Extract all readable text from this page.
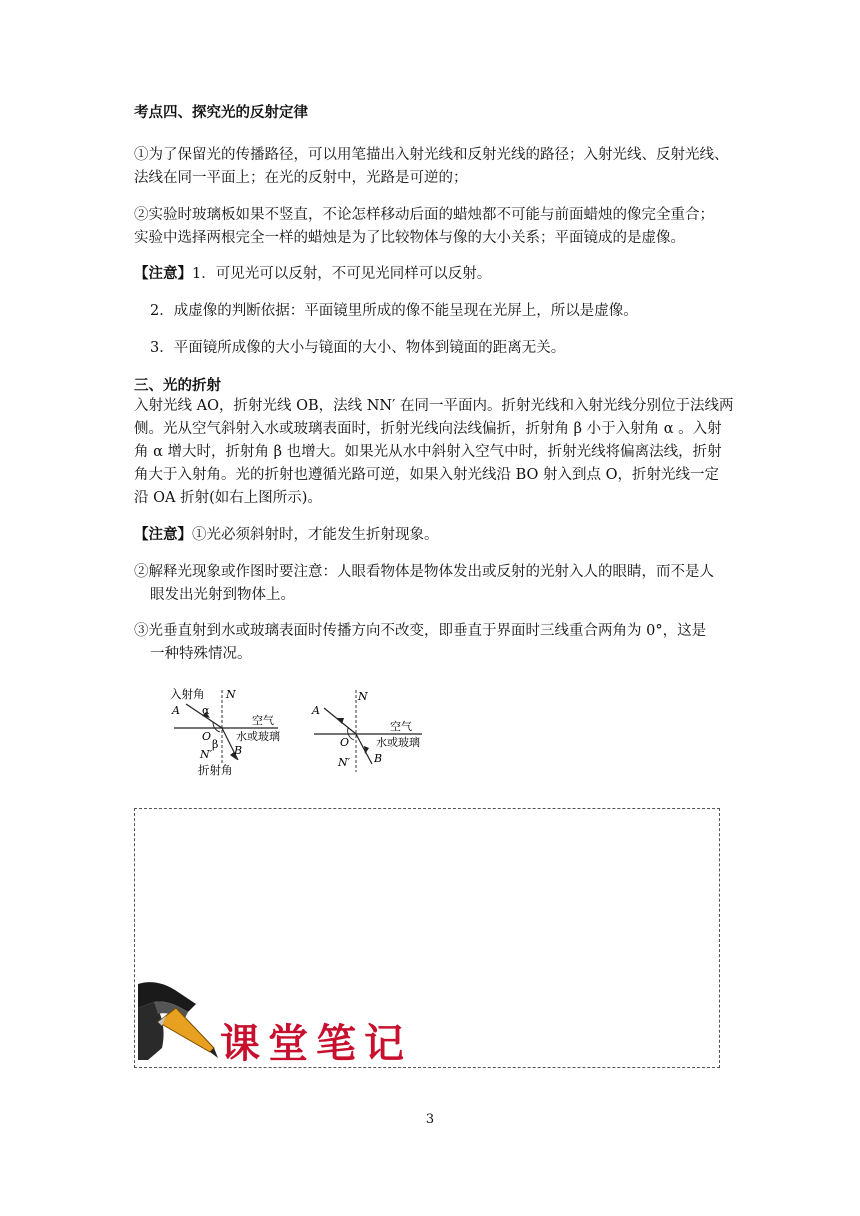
考点四、探究光的反射定律
①为了保留光的传播路径，可以用笔描出入射光线和反射光线的路径；入射光线、反射光线、
法线在同一平面上；在光的反射中，光路是可逆的；
②实验时玻璃板如果不竖直，不论怎样移动后面的蜡烛都不可能与前面蜡烛的像完全重合；
实验中选择两根完全一样的蜡烛是为了比较物体与像的大小关系；平面镜成的是虚像。
【注意】1．可见光可以反射，不可见光同样可以反射。
2．成虚像的判断依据：平面镜里所成的像不能呈现在光屏上，所以是虚像。
3．平面镜所成像的大小与镜面的大小、物体到镜面的距离无关。
三、光的折射
入射光线 AO，折射光线 OB，法线 NN′ 在同一平面内。折射光线和入射光线分别位于法线两
侧。光从空气斜射入水或玻璃表面时，折射光线向法线偏折，折射角 β 小于入射角 α 。入射
角 α 增大时，折射角 β 也增大。如果光从水中斜射入空气中时，折射光线将偏离法线，折射
角大于入射角。光的折射也遵循光路可逆，如果入射光线沿 BO 射入到点 O，折射光线一定
沿 OA 折射(如右上图所示)。
【注意】①光必须斜射时，才能发生折射现象。
②解释光现象或作图时要注意：人眼看物体是物体发出或反射的光射入人的眼睛，而不是人
眼发出光射到物体上。
③光垂直射到水或玻璃表面时传播方向不改变，即垂直于界面时三线重合两角为 0°，这是
一种特殊情况。
入射角 N
A α
空气
水或玻璃
O
β
N′ B
折射角
N
A
空气
水或玻璃
O
N′ B
课堂笔记
3
